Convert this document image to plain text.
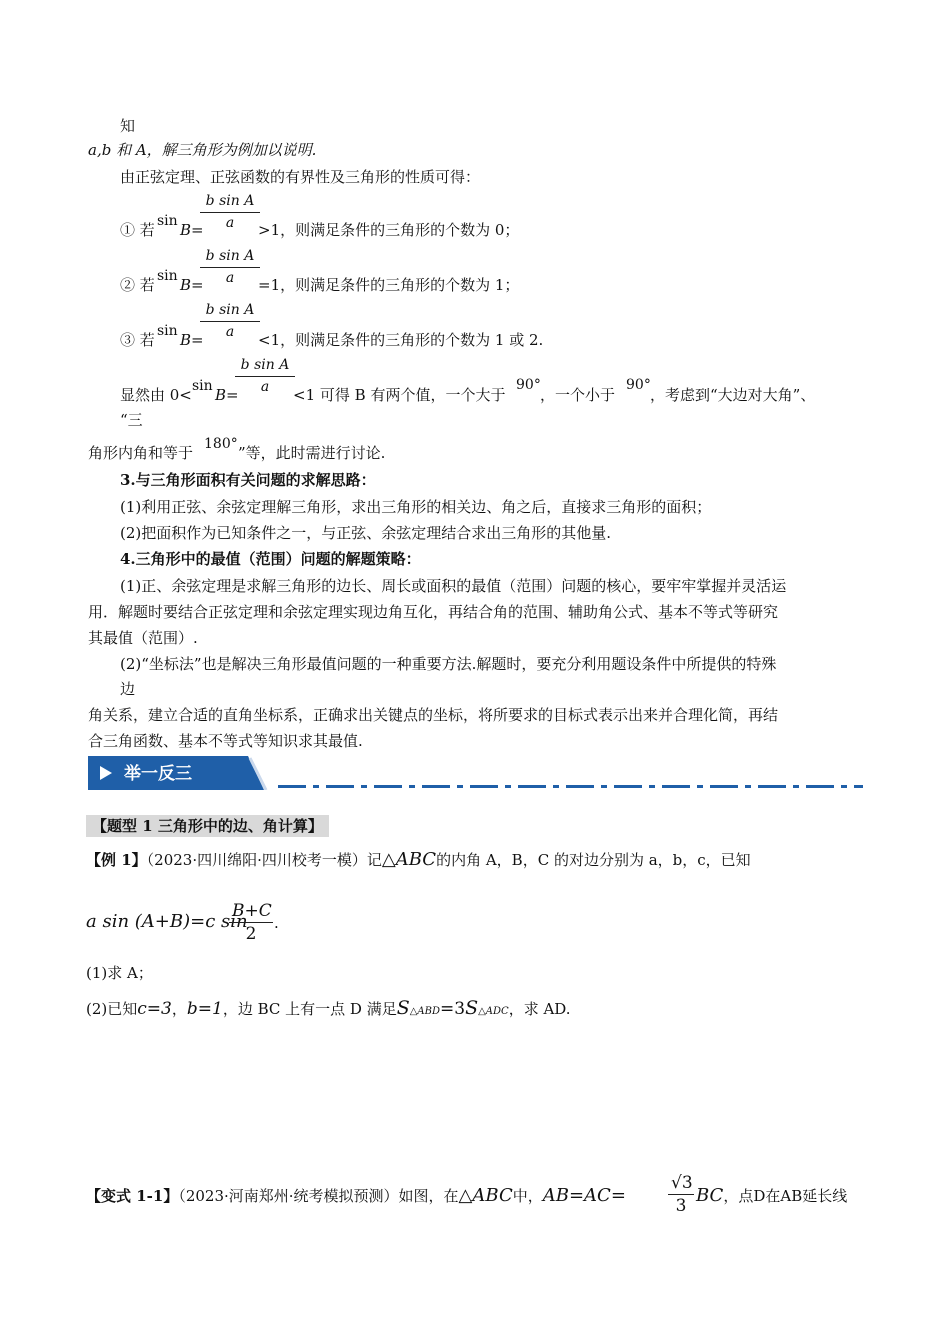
知
a,b 和 A，解三角形为例加以说明.
由正弦定理、正弦函数的有界性及三角形的性质可得：
① 若 sin B=
$\frac{\text{b sin A}}{a}$
>1，则满足条件的三角形的个数为 0；
② 若 sin B=
$\frac{\text{b sin A}}{a}$
=1，则满足条件的三角形的个数为 1；
③ 若 sin B=
$\frac{\text{b sin A}}{a}$
<1，则满足条件的三角形的个数为 1 或 2.
显然由 0< sin B=
$\frac{\text{b sin A}}{a}$
<1 可得 B 有两个值，一个大于
90°
，一个小于
90°
，考虑到“大边对大角”、
“三
角形内角和等于 180° ”等，此时需进行讨论.
3.与三角形面积有关问题的求解思路：
(1)利用正弦、余弦定理解三角形，求出三角形的相关边、角之后，直接求三角形的面积；
(2)把面积作为已知条件之一，与正弦、余弦定理结合求出三角形的其他量.
4.三角形中的最值（范围）问题的解题策略：
(1)正、余弦定理是求解三角形的边长、周长或面积的最值（范围）问题的核心，要牢牢掌握并灵活运
用．解题时要结合正弦定理和余弦定理实现边角互化，再结合角的范围、辅助角公式、基本不等式等研究
其最值（范围）.
(2)“坐标法”也是解决三角形最值问题的一种重要方法.解题时，要充分利用题设条件中所提供的特殊
边
角关系，建立合适的直角坐标系，正确求出关键点的坐标，将所要求的目标式表示出来并合理化简，再结
合三角函数、基本不等式等知识求其最值.
举一反三
【题型 1 三角形中的边、角计算】
【例 1】（2023·四川绵阳·四川校考一模）记△ABC的内角 A，B，C 的对边分别为 a，b，c，已知
a sin (A+B)=c sin
$\frac{B+C}{2}$ .
(1)求 A；
(2)已知c=3，b=1，边 BC 上有一点 D 满足S△ABD=3S△ADC，求 AD.
【变式 1-1】（2023·河南郑州·统考模拟预测）如图，在△ABC中，$AB=AC= \frac{√3}{3}$ BC，点D在AB延长线
